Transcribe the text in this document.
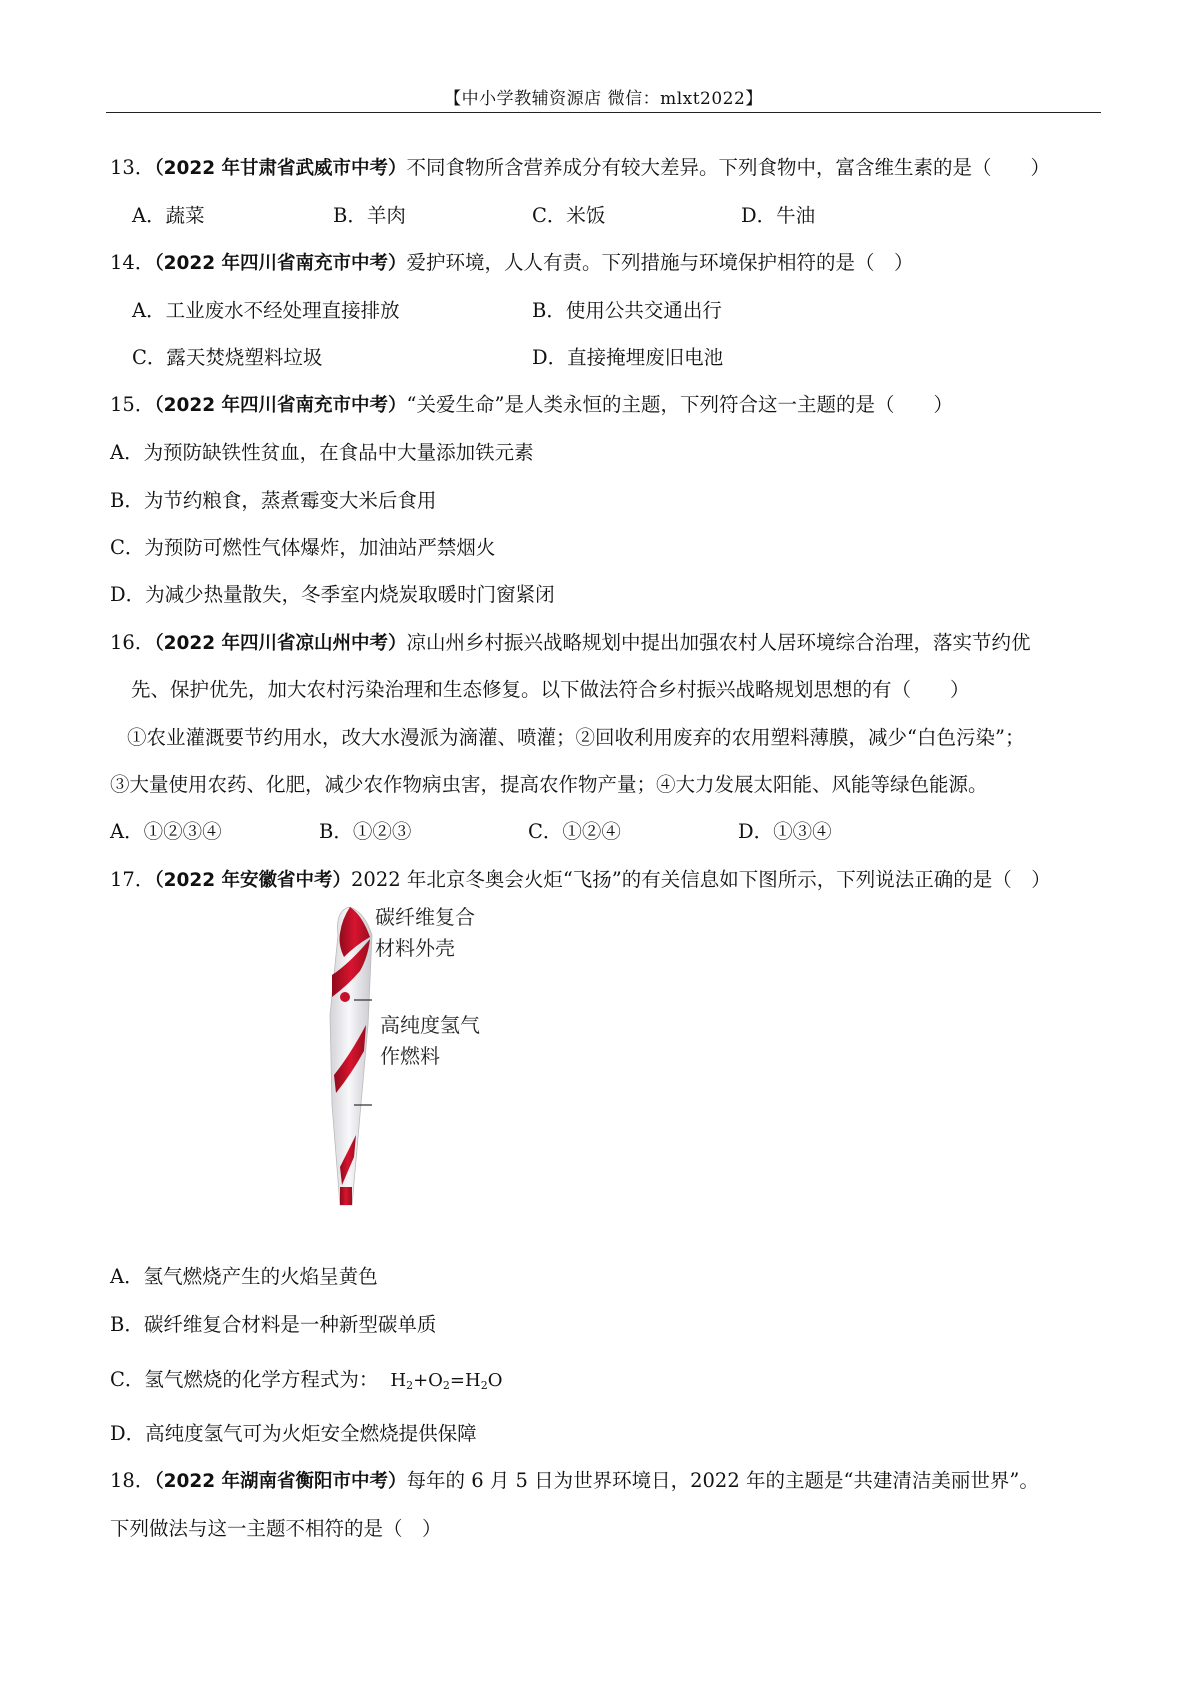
【中小学教辅资源店 微信：mlxt2022】
13．（2022 年甘肃省武威市中考）不同食物所含营养成分有较大差异。下列食物中，富含维生素的是（　　）
A．蔬菜	B．羊肉	C．米饭	D．牛油
14．（2022 年四川省南充市中考）爱护环境，人人有责。下列措施与环境保护相符的是（　）
A．工业废水不经处理直接排放	B．使用公共交通出行
C．露天焚烧塑料垃圾	D．直接掩埋废旧电池
15．（2022 年四川省南充市中考）“关爱生命”是人类永恒的主题，下列符合这一主题的是（　　）
A．为预防缺铁性贫血，在食品中大量添加铁元素
B．为节约粮食，蒸煮霉变大米后食用
C．为预防可燃性气体爆炸，加油站严禁烟火
D．为减少热量散失，冬季室内烧炭取暖时门窗紧闭
16．（2022 年四川省凉山州中考）凉山州乡村振兴战略规划中提出加强农村人居环境综合治理，落实节约优
先、保护优先，加大农村污染治理和生态修复。以下做法符合乡村振兴战略规划思想的有（　　）
①农业灌溉要节约用水，改大水漫派为滴灌、喷灌；②回收利用废弃的农用塑料薄膜，减少“白色污染”；
③大量使用农药、化肥，减少农作物病虫害，提高农作物产量；④大力发展太阳能、风能等绿色能源。
A．①②③④	B．①②③	C．①②④	D．①③④
17．（2022 年安徽省中考）2022 年北京冬奥会火炬“飞扬”的有关信息如下图所示，下列说法正确的是（　）
碳纤维复合
材料外壳
高纯度氢气
作燃料
A．氢气燃烧产生的火焰呈黄色
B．碳纤维复合材料是一种新型碳单质
C．氢气燃烧的化学方程式为： $H_2+O_2=H_2O$
D．高纯度氢气可为火炬安全燃烧提供保障
18．（2022 年湖南省衡阳市中考）每年的 6 月 5 日为世界环境日，2022 年的主题是“共建清洁美丽世界”。
下列做法与这一主题不相符的是（　）
